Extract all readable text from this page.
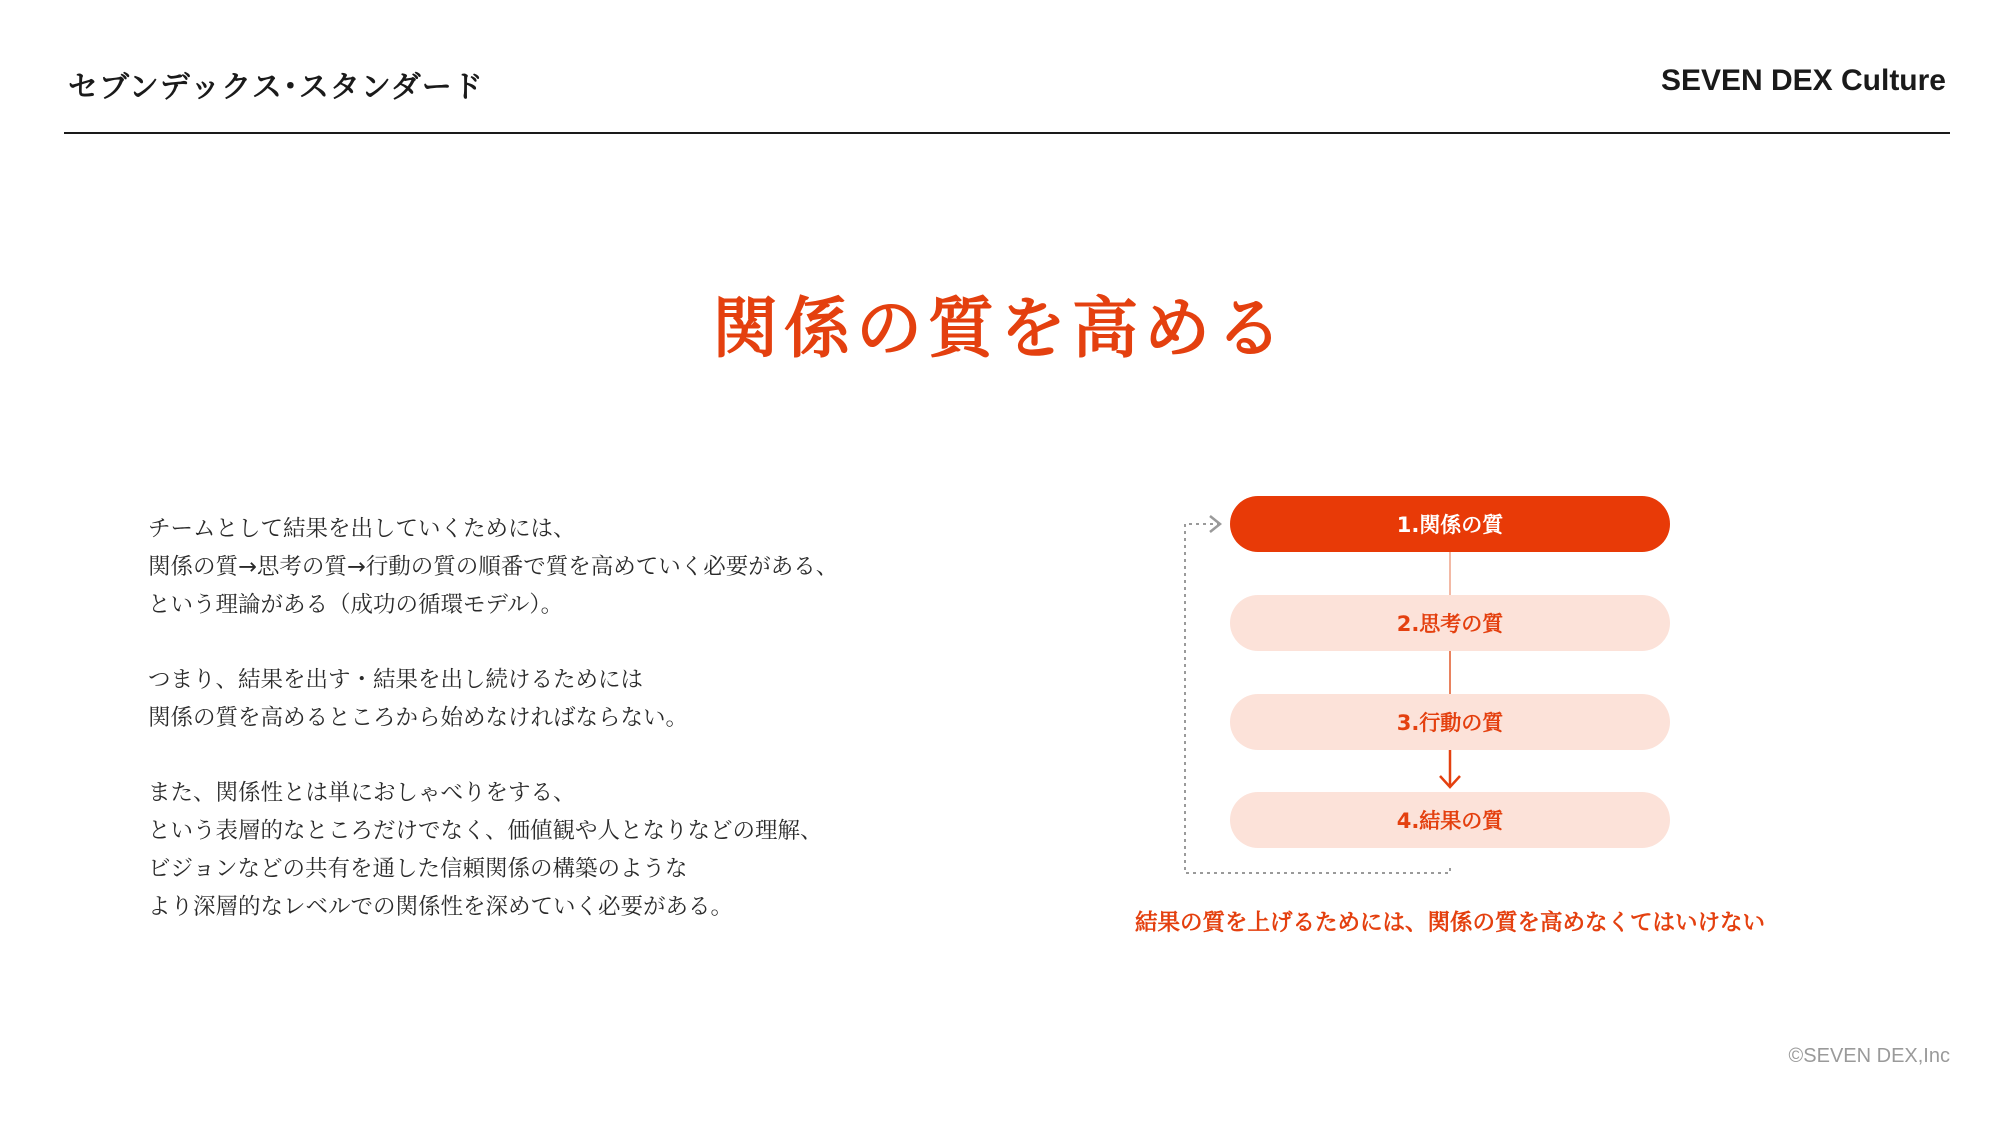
セブンデックス･スタンダード	SEVEN DEX Culture
関係の質を高める

チームとして結果を出していくためには、
関係の質→思考の質→行動の質の順番で質を高めていく必要がある、
という理論がある（成功の循環モデル）。

つまり、結果を出す・結果を出し続けるためには
関係の質を高めるところから始めなければならない。

また、関係性とは単におしゃべりをする、
という表層的なところだけでなく、価値観や人となりなどの理解、
ビジョンなどの共有を通した信頼関係の構築のような
より深層的なレベルでの関係性を深めていく必要がある。

1.関係の質
2.思考の質
3.行動の質
4.結果の質
結果の質を上げるためには、関係の質を高めなくてはいけない
©SEVEN DEX,Inc
